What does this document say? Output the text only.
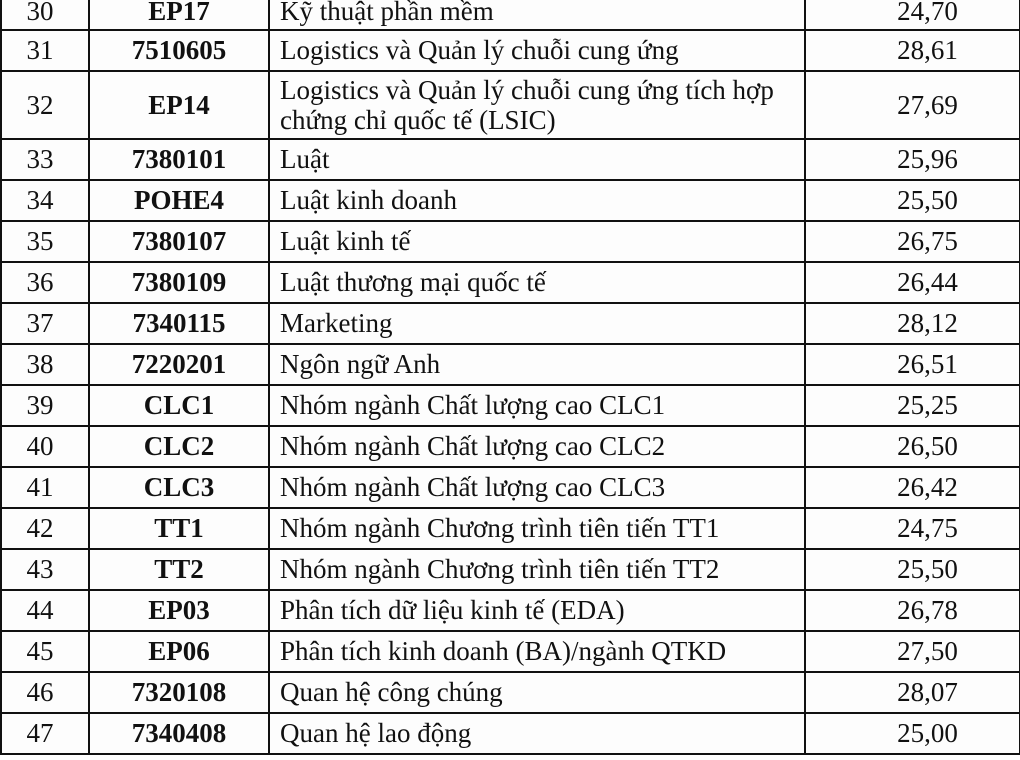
30	EP17	Kỹ thuật phần mềm	24,70
31	7510605	Logistics và Quản lý chuỗi cung ứng	28,61
32	EP14	Logistics và Quản lý chuỗi cung ứng tích hợp chứng chỉ quốc tế (LSIC)	27,69
33	7380101	Luật	25,96
34	POHE4	Luật kinh doanh	25,50
35	7380107	Luật kinh tế	26,75
36	7380109	Luật thương mại quốc tế	26,44
37	7340115	Marketing	28,12
38	7220201	Ngôn ngữ Anh	26,51
39	CLC1	Nhóm ngành Chất lượng cao CLC1	25,25
40	CLC2	Nhóm ngành Chất lượng cao CLC2	26,50
41	CLC3	Nhóm ngành Chất lượng cao CLC3	26,42
42	TT1	Nhóm ngành Chương trình tiên tiến TT1	24,75
43	TT2	Nhóm ngành Chương trình tiên tiến TT2	25,50
44	EP03	Phân tích dữ liệu kinh tế (EDA)	26,78
45	EP06	Phân tích kinh doanh (BA)/ngành QTKD	27,50
46	7320108	Quan hệ công chúng	28,07
47	7340408	Quan hệ lao động	25,00
